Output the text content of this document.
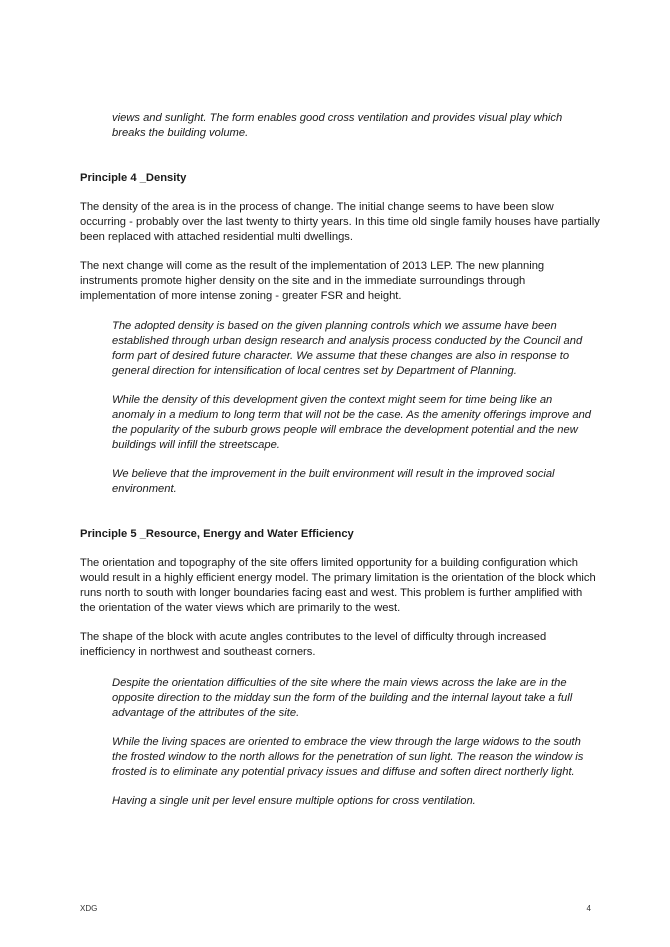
views and sunlight. The form enables good cross ventilation and provides visual play which breaks the building volume.

Principle 4 _Density

The density of the area is in the process of change. The initial change seems to have been slow occurring - probably over the last twenty to thirty years. In this time old single family houses have partially been replaced with attached residential multi dwellings.

The next change will come as the result of the implementation of 2013 LEP. The new planning instruments promote higher density on the site and in the immediate surroundings through implementation of more intense zoning - greater FSR and height.

The adopted density is based on the given planning controls which we assume have been established through urban design research and analysis process conducted by the Council and form part of desired future character. We assume that these changes are also in response to general direction for intensification of local centres set by Department of Planning.

While the density of this development given the context might seem for time being like an anomaly in a medium to long term that will not be the case. As the amenity offerings improve and the popularity of the suburb grows people will embrace the development potential and the new buildings will infill the streetscape.

We believe that the improvement in the built environment will result in the improved social environment.

Principle 5 _Resource, Energy and Water Efficiency

The orientation and topography of the site offers limited opportunity for a building configuration which would result in a highly efficient energy model. The primary limitation is the orientation of the block which runs north to south with longer boundaries facing east and west. This problem is further amplified with the orientation of the water views which are primarily to the west.

The shape of the block with acute angles contributes to the level of difficulty through increased inefficiency in northwest and southeast corners.

Despite the orientation difficulties of the site where the main views across the lake are in the opposite direction to the midday sun the form of the building and the internal layout take a full advantage of the attributes of the site.

While the living spaces are oriented to embrace the view through the large widows to the south the frosted window to the north allows for the penetration of sun light. The reason the window is frosted is to eliminate any potential privacy issues and diffuse and soften direct northerly light.

Having a single unit per level ensure multiple options for cross ventilation.

XDG	4
